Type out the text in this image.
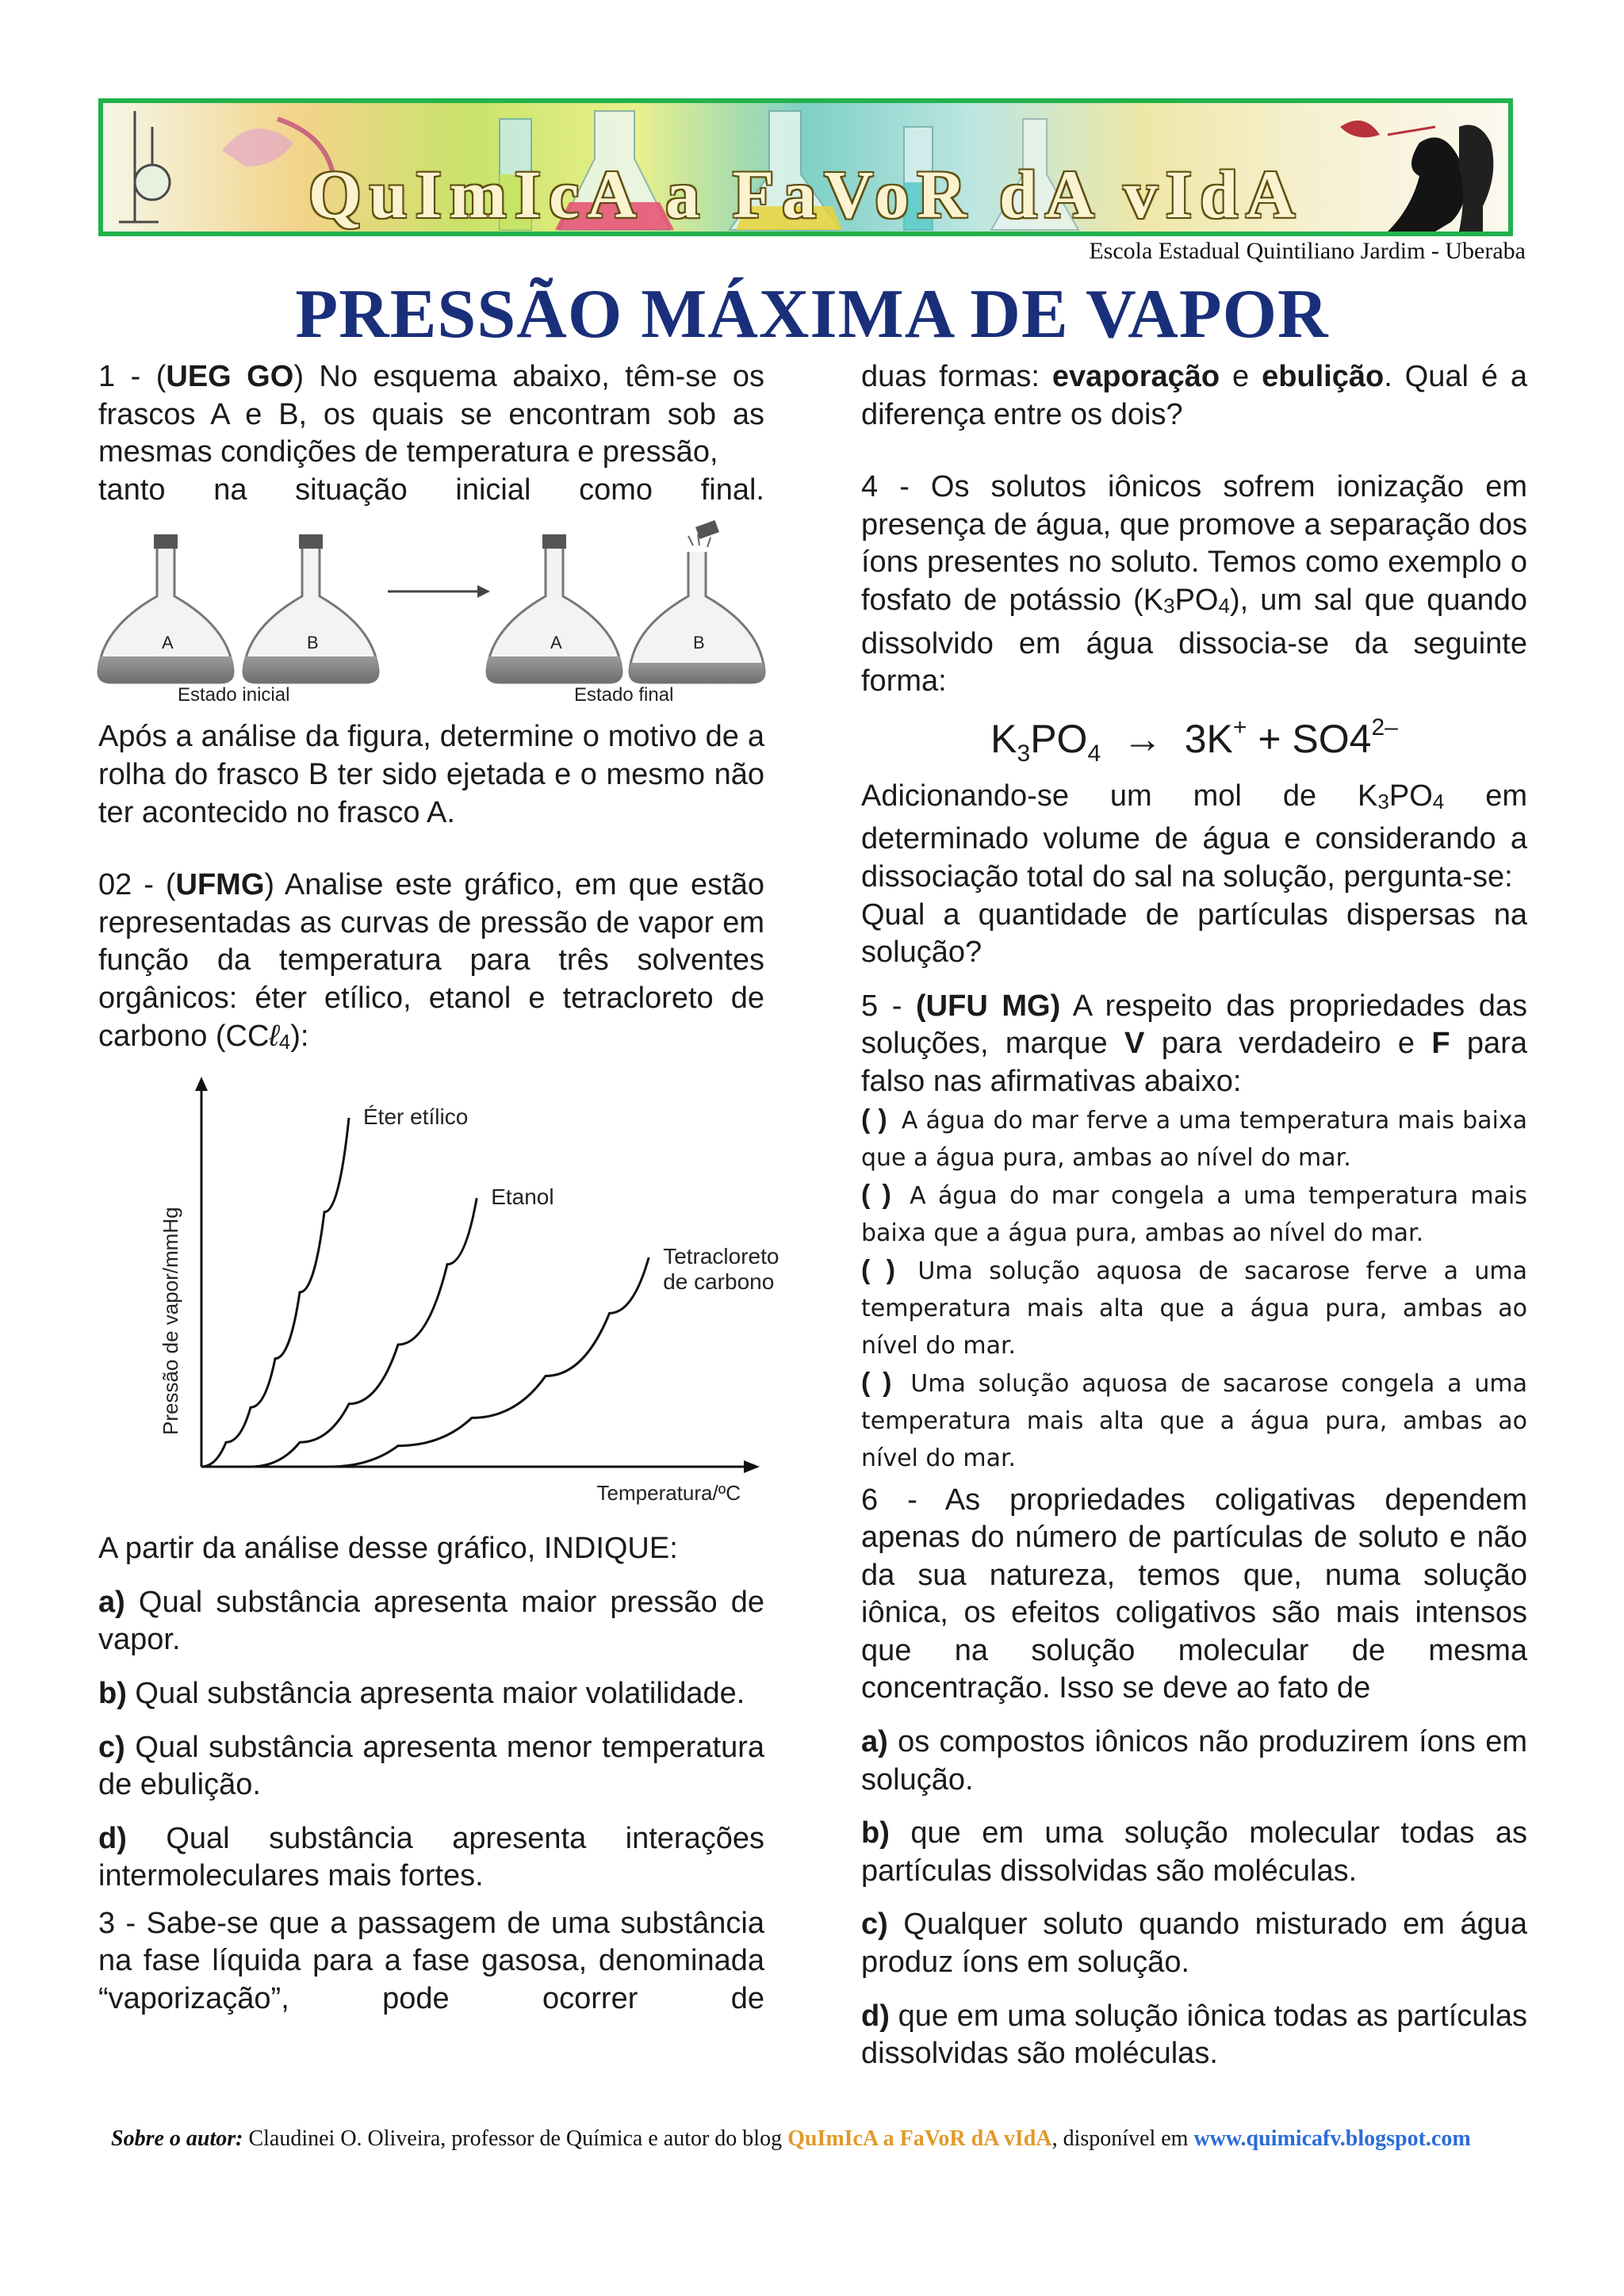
QuImIcA a FaVoR dA vIdA
Escola Estadual Quintiliano Jardim - Uberaba
PRESSÃO MÁXIMA DE VAPOR

1 - (UEG GO) No esquema abaixo, têm-se os frascos A e B, os quais se encontram sob as mesmas condições de temperatura e pressão,

tanto na situação inicial como final.

A	B	A	B
Estado inicial	Estado final

Após a análise da figura, determine o motivo de a rolha do frasco B ter sido ejetada e o mesmo não ter acontecido no frasco A.

02 - (UFMG) Analise este gráfico, em que estão representadas as curvas de pressão de vapor em função da temperatura para três solventes orgânicos: éter etílico, etanol e tetracloreto de carbono (CCℓ4):

Pressão de vapor/mmHg
Temperatura/ºC
Éter etílico
Etanol
Tetracloreto
de carbono

A partir da análise desse gráfico, INDIQUE:

a) Qual substância apresenta maior pressão de vapor.

b) Qual substância apresenta maior volatilidade.

c) Qual substância apresenta menor temperatura de ebulição.

d) Qual substância apresenta interações intermoleculares mais fortes.

3 - Sabe-se que a passagem de uma substância na fase líquida para a fase gasosa, denominada “vaporização”, pode ocorrer de

duas formas: evaporação e ebulição. Qual é a diferença entre os dois?

4 - Os solutos iônicos sofrem ionização em presença de água, que promove a separação dos íons presentes no soluto. Temos como exemplo o fosfato de potássio (K3PO4), um sal que quando dissolvido em água dissocia-se da seguinte forma:

$K_3PO_4 \to 3K^+ + SO4^{2-}$

Adicionando-se um mol de K3PO4 em determinado volume de água e considerando a dissociação total do sal na solução, pergunta-se:

Qual a quantidade de partículas dispersas na solução?

5 - (UFU MG) A respeito das propriedades das soluções, marque V para verdadeiro e F para falso nas afirmativas abaixo:

( ) A água do mar ferve a uma temperatura mais baixa que a água pura, ambas ao nível do mar.

( ) A água do mar congela a uma temperatura mais baixa que a água pura, ambas ao nível do mar.

( ) Uma solução aquosa de sacarose ferve a uma temperatura mais alta que a água pura, ambas ao nível do mar.

( ) Uma solução aquosa de sacarose congela a uma temperatura mais alta que a água pura, ambas ao nível do mar.

6 - As propriedades coligativas dependem apenas do número de partículas de soluto e não da sua natureza, temos que, numa solução iônica, os efeitos coligativos são mais intensos que na solução molecular de mesma concentração. Isso se deve ao fato de

a) os compostos iônicos não produzirem íons em solução.

b) que em uma solução molecular todas as partículas dissolvidas são moléculas.

c) Qualquer soluto quando misturado em água produz íons em solução.

d) que em uma solução iônica todas as partículas dissolvidas são moléculas.

Sobre o autor: Claudinei O. Oliveira, professor de Química e autor do blog QuImIcA a FaVoR dA vIdA, disponível em www.quimicafv.blogspot.com
